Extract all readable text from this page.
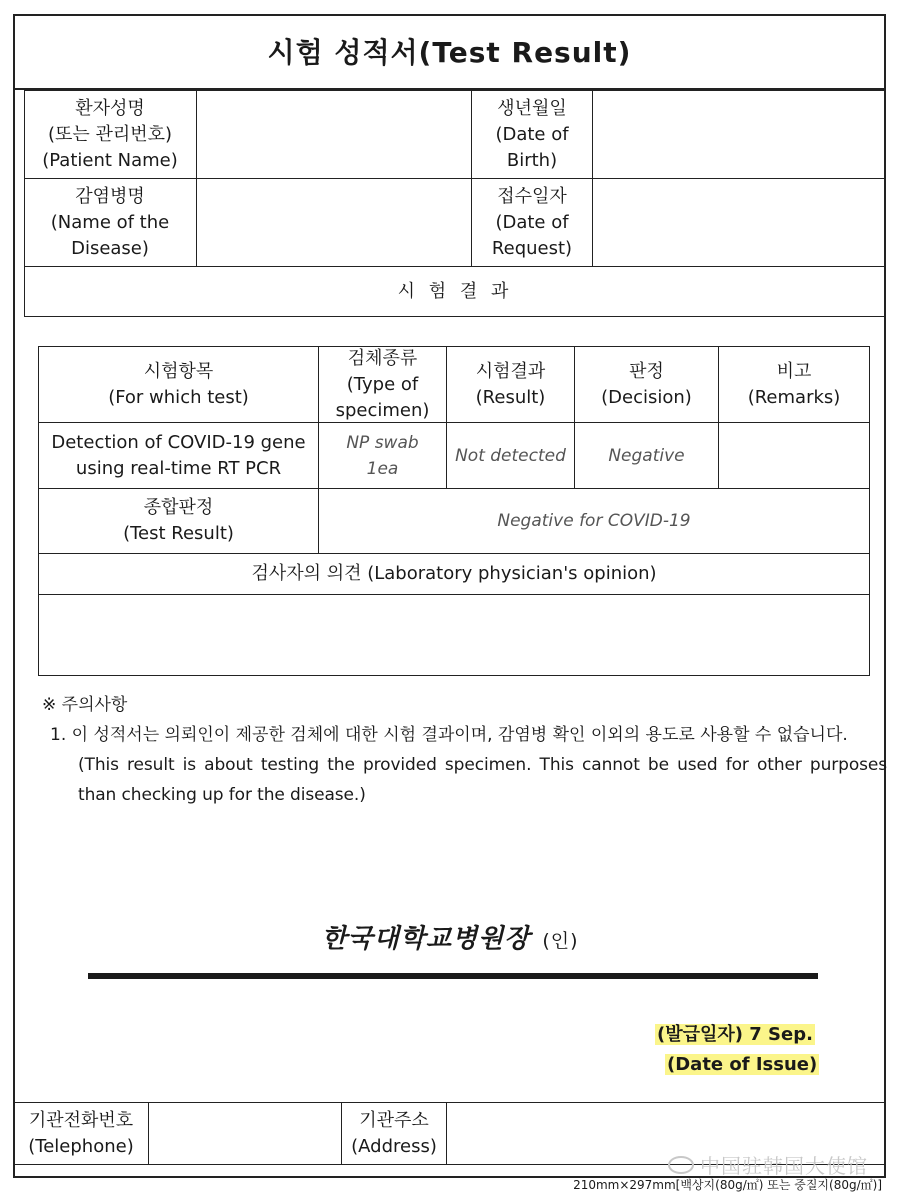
시험 성적서(Test Result)
환자성명
(또는 관리번호)
(Patient Name)
생년월일
(Date of
Birth)
감염병명
(Name of the
Disease)
접수일자
(Date of
Request)
시 험 결 과
시험항목
(For which test)
검체종류
(Type of
specimen)
시험결과
(Result)
판정
(Decision)
비고
(Remarks)
Detection of COVID-19 gene
using real-time RT PCR
NP swab
1ea
Not detected	Negative
종합판정
(Test Result)
Negative for COVID-19
검사자의 의견 (Laboratory physician's opinion)
※ 주의사항
1. 이 성적서는 의뢰인이 제공한 검체에 대한 시험 결과이며, 감염병 확인 이외의 용도로 사용할 수 없습니다.
(This result is about testing the provided specimen. This cannot be used for other purposes than checking up for the disease.)
한국대학교병원장 (인)
(발급일자) 7 Sep.
(Date of Issue)
기관전화번호
(Telephone)
기관주소
(Address)
中国驻韩国大使馆
210mm×297mm[백상지(80g/㎡) 또는 중질지(80g/㎡)]
